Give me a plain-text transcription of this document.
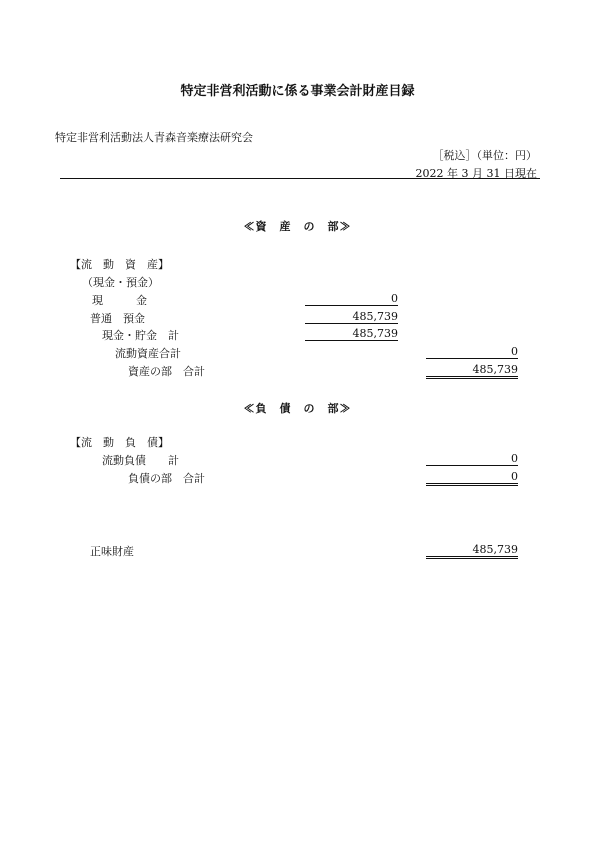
特定非営利活動に係る事業会計財産目録
特定非営利活動法人青森音楽療法研究会
［税込］（単位：円）
2022 年 3 月 31 日現在
≪資　産　の　部≫
【流　動　資　産】
（現金・預金）
現　　　金	0
普通　預金	485,739
現金・貯金　計	485,739
流動資産合計	0
資産の部　合計	485,739
≪負　債　の　部≫
【流　動　負　債】
流動負債　　計	0
負債の部　合計	0
正味財産	485,739
